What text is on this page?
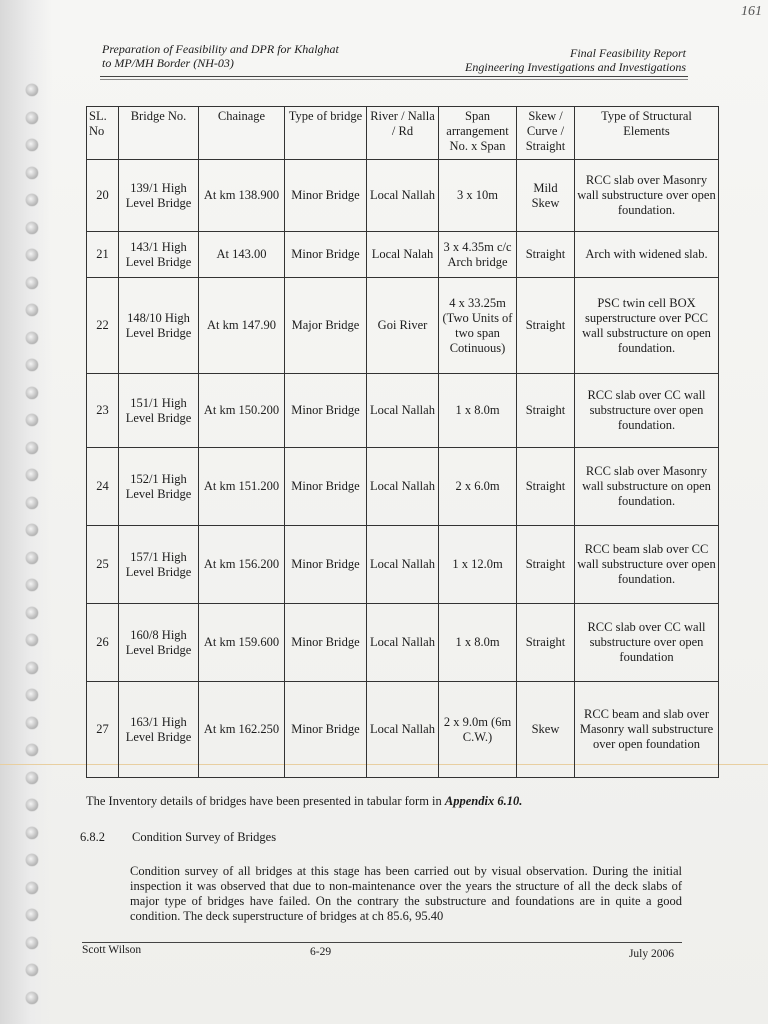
161
Preparation of Feasibility and DPR for Khalghat
to MP/MH Border (NH-03)
Final Feasibility Report
Engineering Investigations and Investigations
SL. No	Bridge No.	Chainage	Type of bridge	River / Nalla / Rd	Span arrangement No. x Span	Skew / Curve / Straight	Type of Structural Elements
20	139/1 High Level Bridge	At km 138.900	Minor Bridge	Local Nallah	3 x 10m	Mild Skew	RCC slab over Masonry wall substructure over open foundation.
21	143/1 High Level Bridge	At 143.00	Minor Bridge	Local Nalah	3 x 4.35m c/c Arch bridge	Straight	Arch with widened slab.
22	148/10 High Level Bridge	At km 147.90	Major Bridge	Goi River	4 x 33.25m (Two Units of two span Cotinuous)	Straight	PSC twin cell BOX superstructure over PCC wall substructure on open foundation.
23	151/1 High Level Bridge	At km 150.200	Minor Bridge	Local Nallah	1 x 8.0m	Straight	RCC slab over CC wall substructure over open foundation.
24	152/1 High Level Bridge	At km 151.200	Minor Bridge	Local Nallah	2 x 6.0m	Straight	RCC slab over Masonry wall substructure on open foundation.
25	157/1 High Level Bridge	At km 156.200	Minor Bridge	Local Nallah	1 x 12.0m	Straight	RCC beam slab over CC wall substructure over open foundation.
26	160/8 High Level Bridge	At km 159.600	Minor Bridge	Local Nallah	1 x 8.0m	Straight	RCC slab over CC wall substructure over open foundation
27	163/1 High Level Bridge	At km 162.250	Minor Bridge	Local Nallah	2 x 9.0m (6m C.W.)	Skew	RCC beam and slab over Masonry wall substructure over open foundation
The Inventory details of bridges have been presented in tabular form in Appendix 6.10.
6.8.2 Condition Survey of Bridges
Condition survey of all bridges at this stage has been carried out by visual observation. During the initial inspection it was observed that due to non-maintenance over the years the structure of all the deck slabs of major type of bridges have failed. On the contrary the substructure and foundations are in quite a good condition. The deck superstructure of bridges at ch 85.6, 95.40
Scott Wilson	6-29	July 2006
